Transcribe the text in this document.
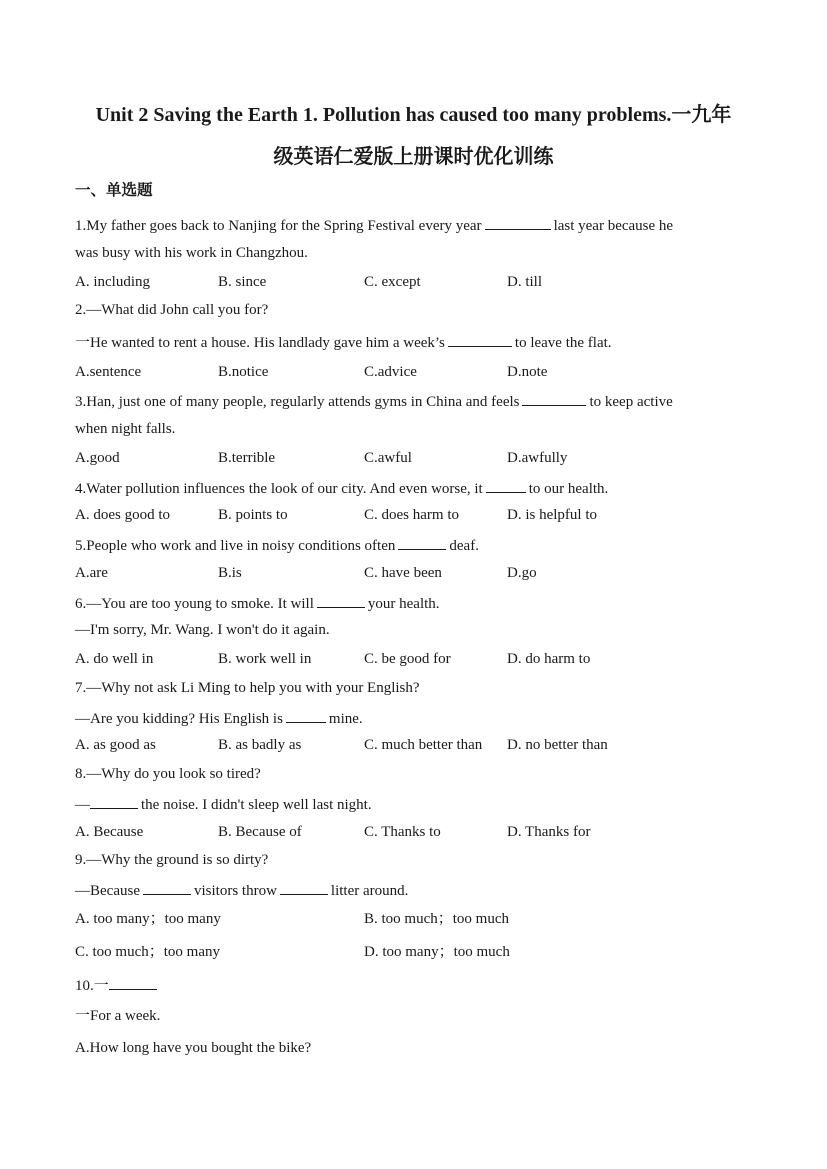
Unit 2 Saving the Earth 1. Pollution has caused too many problems.一九年
级英语仁爱版上册课时优化训练
一、单选题
1.My father goes back to Nanjing for the Spring Festival every year	last year because he
was busy with his work in Changzhou.
A. including	B. since	C. except	D. till
2.—What did John call you for?
一He wanted to rent a house. His landlady gave him a week’s	to leave the flat.
A.sentence	B.notice	C.advice	D.note
3.Han, just one of many people, regularly attends gyms in China and feels	to keep active
when night falls.
A.good	B.terrible	C.awful	D.awfully
4.Water pollution influences the look of our city. And even worse, it	to our health.
A. does good to	B. points to	C. does harm to	D. is helpful to
5.People who work and live in noisy conditions often	deaf.
A.are	B.is	C. have been	D.go
6.—You are too young to smoke. It will	your health.
—I'm sorry, Mr. Wang. I won't do it again.
A. do well in	B. work well in	C. be good for	D. do harm to
7.—Why not ask Li Ming to help you with your English?
—Are you kidding? His English is	mine.
A. as good as	B. as badly as	C. much better than D. no better than
8.—Why do you look so tired?
—	the noise. I didn't sleep well last night.
A. Because	B. Because of	C. Thanks to	D. Thanks for
9.—Why the ground is so dirty?
—Because	visitors throw	litter around.
A. too many；too many	B. too much；too much
C. too much；too many	D. too many；too much
10.一
一For a week.
A.How long have you bought the bike?
